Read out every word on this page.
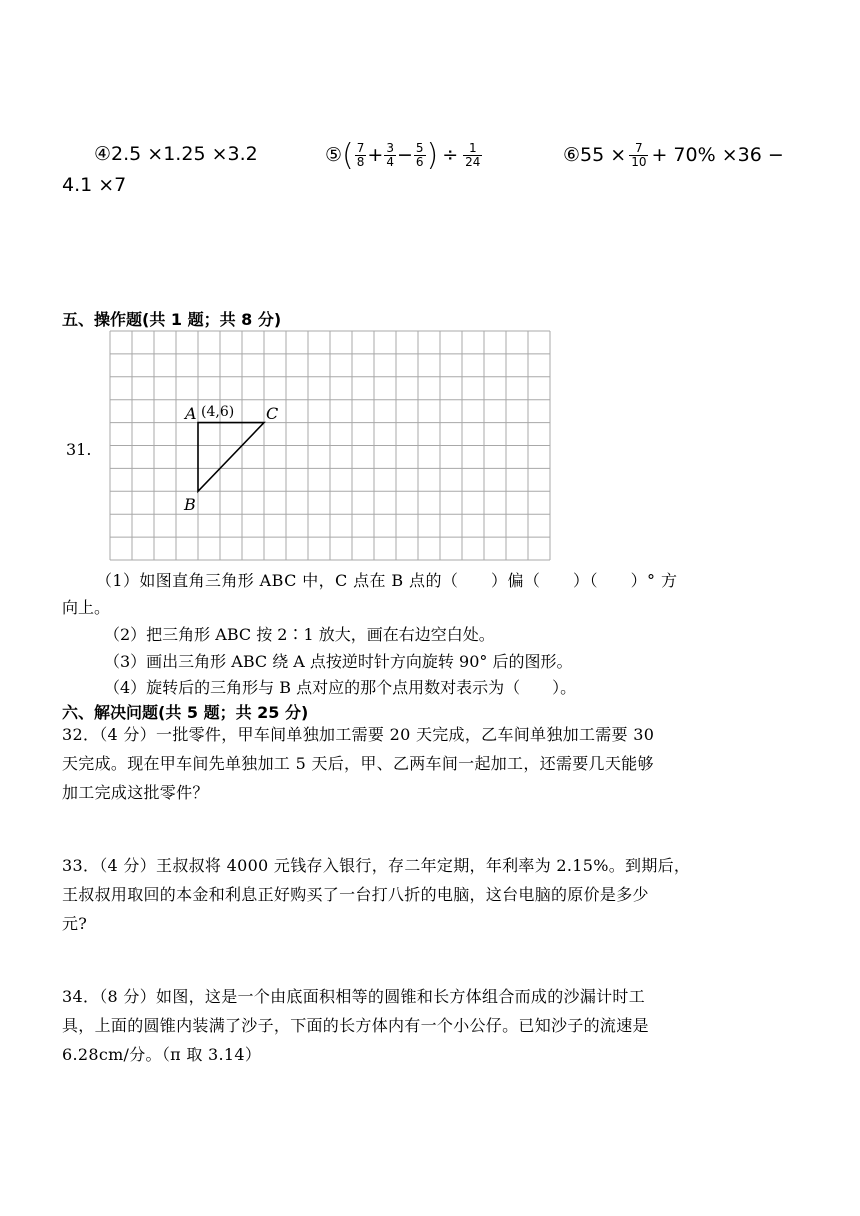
④2.5 ×1.25 ×3.2	⑤ ( $\frac{7}{8} + \frac{3}{4} - \frac{5}{6}$ ) ÷ $\frac{1}{24}$	⑥ $55 \times \frac{7}{10} + 70\% \times 36$ −
4.1 ×7
五、操作题(共 1 题；共 8 分)
31.
A (4,6) C
B
（1）如图直角三角形 ABC 中，C 点在 B 点的（　　）偏（　　）（　　）° 方
向上。
（2）把三角形 ABC 按 2∶1 放大，画在右边空白处。
（3）画出三角形 ABC 绕 A 点按逆时针方向旋转 90° 后的图形。
（4）旋转后的三角形与 B 点对应的那个点用数对表示为（　　）。
六、解决问题(共 5 题；共 25 分)
32．（4 分）一批零件，甲车间单独加工需要 20 天完成，乙车间单独加工需要 30
天完成。现在甲车间先单独加工 5 天后，甲、乙两车间一起加工，还需要几天能够
加工完成这批零件？
33．（4 分）王叔叔将 4000 元钱存入银行，存二年定期，年利率为 2.15%。到期后，
王叔叔用取回的本金和利息正好购买了一台打八折的电脑，这台电脑的原价是多少
元?
34．（8 分）如图，这是一个由底面积相等的圆锥和长方体组合而成的沙漏计时工
具，上面的圆锥内装满了沙子，下面的长方体内有一个小公仔。已知沙子的流速是
6.28cm/分。（π 取 3.14）
